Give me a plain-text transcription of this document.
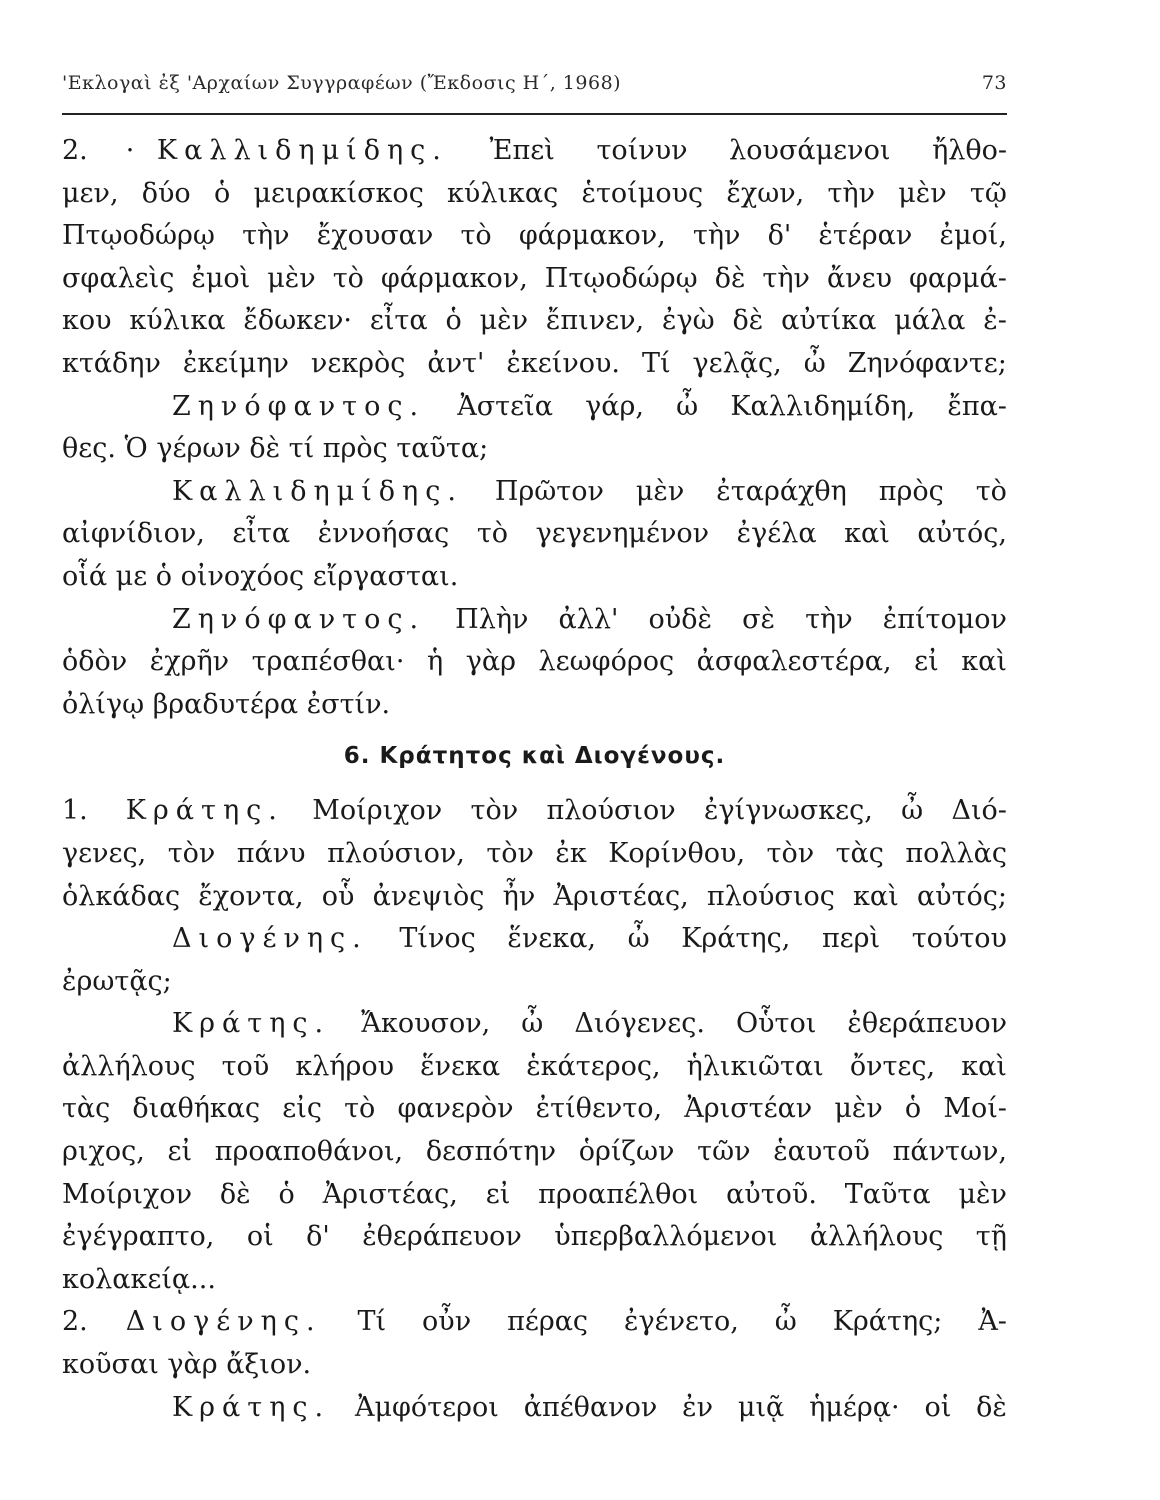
'Εκλογαὶ ἐξ 'Αρχαίων Συγγραφέων (Ἔκδοσις Η΄, 1968)	73
2. · Καλλιδημίδης. Ἐπεὶ τοίνυν λουσάμενοι ἤλθο-
μεν, δύο ὁ μειρακίσκος κύλικας ἑτοίμους ἔχων, τὴν μὲν τῷ
Πτῳοδώρῳ τὴν ἔχουσαν τὸ φάρμακον, τὴν δ' ἑτέραν ἐμοί,
σφαλεὶς ἐμοὶ μὲν τὸ φάρμακον, Πτῳοδώρῳ δὲ τὴν ἄνευ φαρμά-
κου κύλικα ἔδωκεν· εἶτα ὁ μὲν ἔπινεν, ἐγὼ δὲ αὐτίκα μάλα ἐ-
κτάδην ἐκείμην νεκρὸς ἀντ' ἐκείνου. Τί γελᾷς, ὦ Ζηνόφαντε;
Ζηνόφαντος. Ἀστεῖα γάρ, ὦ Καλλιδημίδη, ἔπα-
θες. Ὁ γέρων δὲ τί πρὸς ταῦτα;
Καλλιδημίδης. Πρῶτον μὲν ἐταράχθη πρὸς τὸ
αἰφνίδιον, εἶτα ἐννοήσας τὸ γεγενημένον ἐγέλα καὶ αὐτός,
οἷά με ὁ οἰνοχόος εἴργασται.
Ζηνόφαντος. Πλὴν ἀλλ' οὐδὲ σὲ τὴν ἐπίτομον
ὁδὸν ἐχρῆν τραπέσθαι· ἡ γὰρ λεωφόρος ἀσφαλεστέρα, εἰ καὶ
ὀλίγῳ βραδυτέρα ἐστίν.
6. Κράτητος καὶ Διογένους.
1. Κράτης. Μοίριχον τὸν πλούσιον ἐγίγνωσκες, ὦ Διό-
γενες, τὸν πάνυ πλούσιον, τὸν ἐκ Κορίνθου, τὸν τὰς πολλὰς
ὁλκάδας ἔχοντα, οὗ ἀνεψιὸς ἦν Ἀριστέας, πλούσιος καὶ αὐτός;
Διογένης. Τίνος ἕνεκα, ὦ Κράτης, περὶ τούτου
ἐρωτᾷς;
Κράτης. Ἄκουσον, ὦ Διόγενες. Οὗτοι ἐθεράπευον
ἀλλήλους τοῦ κλήρου ἕνεκα ἑκάτερος, ἡλικιῶται ὄντες, καὶ
τὰς διαθήκας εἰς τὸ φανερὸν ἐτίθεντο, Ἀριστέαν μὲν ὁ Μοί-
ριχος, εἰ προαποθάνοι, δεσπότην ὁρίζων τῶν ἑαυτοῦ πάντων,
Μοίριχον δὲ ὁ Ἀριστέας, εἰ προαπέλθοι αὐτοῦ. Ταῦτα μὲν
ἐγέγραπτο, οἱ δ' ἐθεράπευον ὑπερβαλλόμενοι ἀλλήλους τῇ
κολακείᾳ...
2. Διογένης. Τί οὖν πέρας ἐγένετο, ὦ Κράτης; Ἀ-
κοῦσαι γὰρ ἄξιον.
Κράτης. Ἀμφότεροι ἀπέθανον ἐν μιᾷ ἡμέρᾳ· οἱ δὲ
